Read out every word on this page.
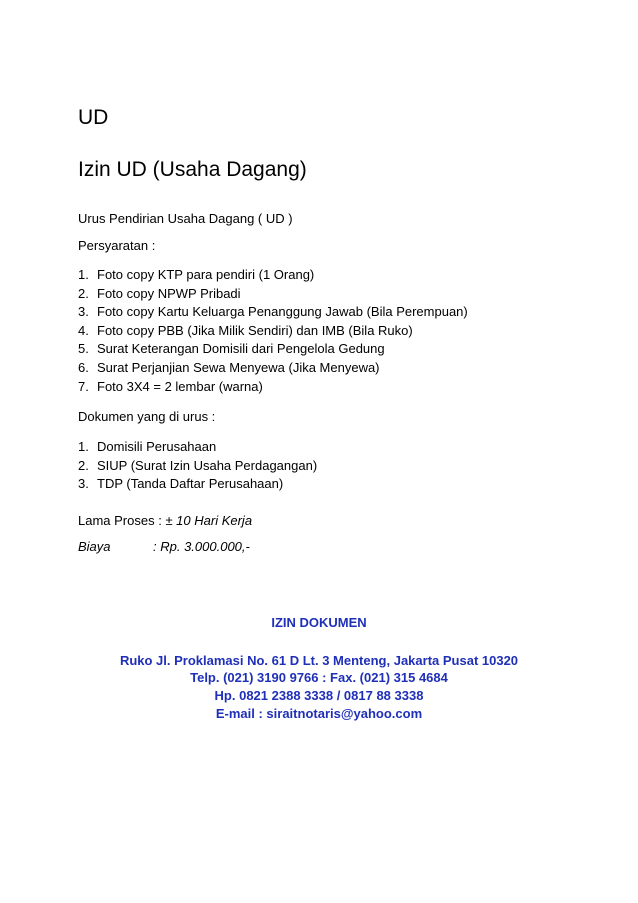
UD
Izin UD (Usaha Dagang)
Urus Pendirian Usaha Dagang ( UD )
Persyaratan :
1. Foto copy KTP para pendiri (1 Orang)
2. Foto copy NPWP Pribadi
3. Foto copy Kartu Keluarga Penanggung Jawab (Bila Perempuan)
4. Foto copy PBB (Jika Milik Sendiri) dan IMB (Bila Ruko)
5. Surat Keterangan Domisili dari Pengelola Gedung
6. Surat Perjanjian Sewa Menyewa (Jika Menyewa)
7. Foto 3X4 = 2 lembar (warna)
Dokumen yang di urus :
1. Domisili Perusahaan
2. SIUP (Surat Izin Usaha Perdagangan)
3. TDP (Tanda Daftar Perusahaan)
Lama Proses : ± 10 Hari Kerja
Biaya	: Rp. 3.000.000,-
IZIN DOKUMEN
Ruko Jl. Proklamasi No. 61 D Lt. 3 Menteng, Jakarta Pusat 10320
Telp. (021) 3190 9766 : Fax. (021) 315 4684
Hp. 0821 2388 3338 / 0817 88 3338
E-mail : siraitnotaris@yahoo.com
